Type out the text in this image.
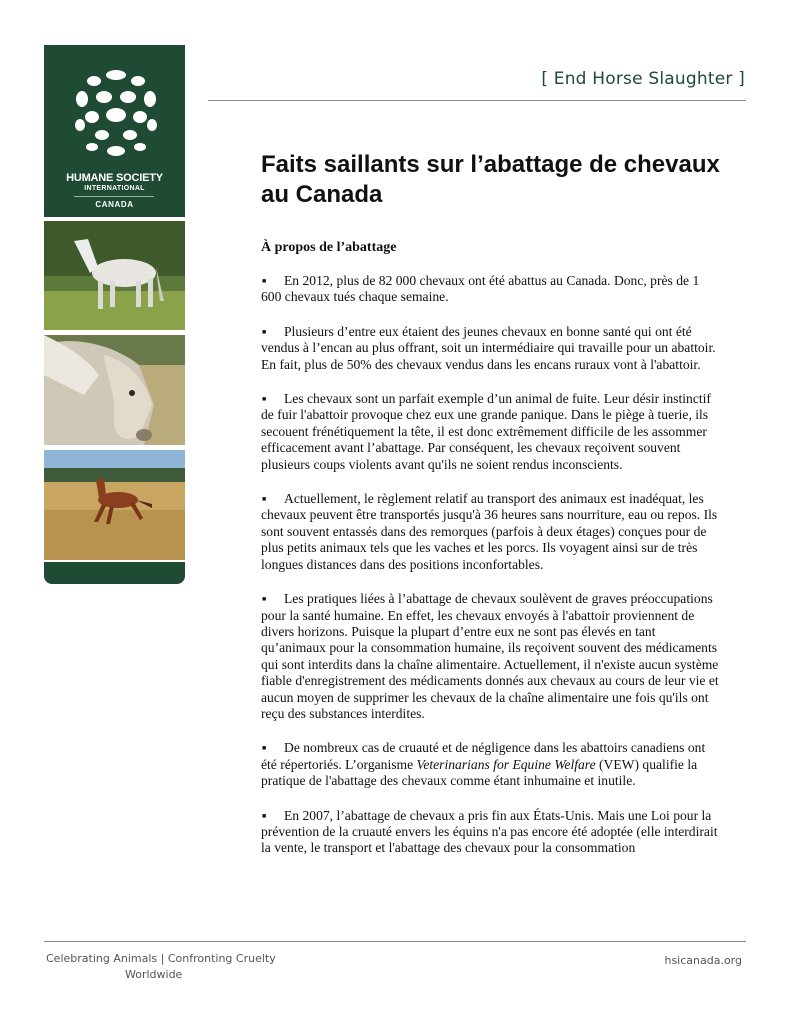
HUMANE SOCIETY
INTERNATIONAL
CANADA
[ End Horse Slaughter ]
Faits saillants sur l’abattage de chevaux au Canada
À propos de l’abattage

■ En 2012, plus de 82 000 chevaux ont été abattus au Canada. Donc, près de 1 600 chevaux tués chaque semaine.

■ Plusieurs d’entre eux étaient des jeunes chevaux en bonne santé qui ont été vendus à l’encan au plus offrant, soit un intermédiaire qui travaille pour un abattoir. En fait, plus de 50% des chevaux vendus dans les encans ruraux vont à l'abattoir.

■ Les chevaux sont un parfait exemple d’un animal de fuite. Leur désir instinctif de fuir l'abattoir provoque chez eux une grande panique. Dans le piège à tuerie, ils secouent frénétiquement la tête, il est donc extrêmement difficile de les assommer efficacement avant l’abattage. Par conséquent, les chevaux reçoivent souvent plusieurs coups violents avant qu'ils ne soient rendus inconscients.

■ Actuellement, le règlement relatif au transport des animaux est inadéquat, les chevaux peuvent être transportés jusqu'à 36 heures sans nourriture, eau ou repos. Ils sont souvent entassés dans des remorques (parfois à deux étages) conçues pour de plus petits animaux tels que les vaches et les porcs. Ils voyagent ainsi sur de très longues distances dans des positions inconfortables.

■ Les pratiques liées à l’abattage de chevaux soulèvent de graves préoccupations pour la santé humaine. En effet, les chevaux envoyés à l'abattoir proviennent de divers horizons. Puisque la plupart d’entre eux ne sont pas élevés en tant qu’animaux pour la consommation humaine, ils reçoivent souvent des médicaments qui sont interdits dans la chaîne alimentaire. Actuellement, il n'existe aucun système fiable d'enregistrement des médicaments donnés aux chevaux au cours de leur vie et aucun moyen de supprimer les chevaux de la chaîne alimentaire une fois qu'ils ont reçu des substances interdites.

■ De nombreux cas de cruauté et de négligence dans les abattoirs canadiens ont été répertoriés. L’organisme Veterinarians for Equine Welfare (VEW) qualifie la pratique de l'abattage des chevaux comme étant inhumaine et inutile.

■ En 2007, l’abattage de chevaux a pris fin aux États-Unis. Mais une Loi pour la prévention de la cruauté envers les équins n'a pas encore été adoptée (elle interdirait la vente, le transport et l'abattage des chevaux pour la consommation

Celebrating Animals | Confronting Cruelty
Worldwide
hsicanada.org
